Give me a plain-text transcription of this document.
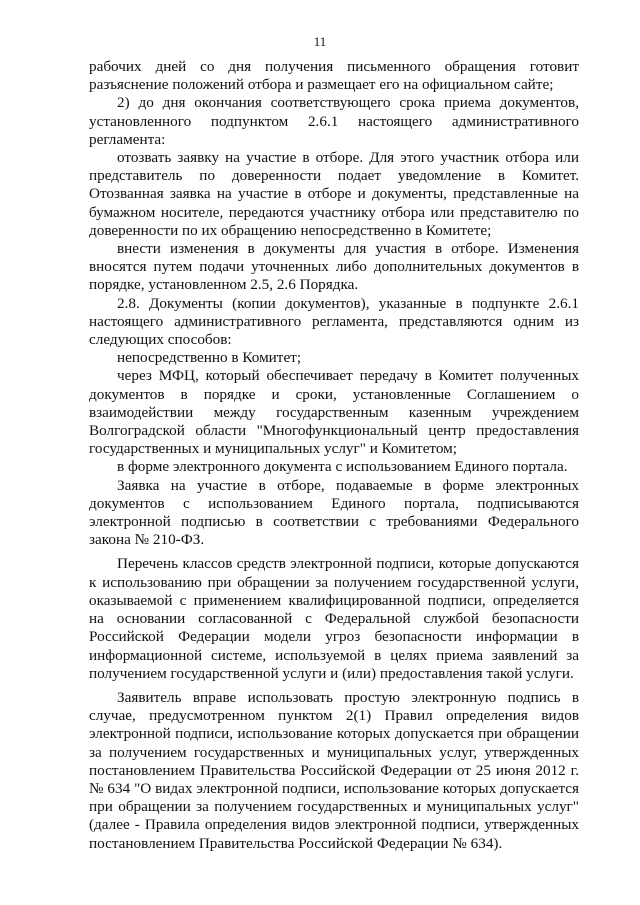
11

рабочих дней со дня получения письменного обращения готовит разъяснение положений отбора и размещает его на официальном сайте;

2) до дня окончания соответствующего срока приема документов, установленного подпунктом 2.6.1 настоящего административного регламента:

отозвать заявку на участие в отборе. Для этого участник отбора или представитель по доверенности подает уведомление в Комитет. Отозванная заявка на участие в отборе и документы, представленные на бумажном носителе, передаются участнику отбора или представителю по доверенности по их обращению непосредственно в Комитете;

внести изменения в документы для участия в отборе. Изменения вносятся путем подачи уточненных либо дополнительных документов в порядке, установленном 2.5, 2.6 Порядка.

2.8. Документы (копии документов), указанные в подпункте 2.6.1 настоящего административного регламента, представляются одним из следующих способов:

непосредственно в Комитет;

через МФЦ, который обеспечивает передачу в Комитет полученных документов в порядке и сроки, установленные Соглашением о взаимодействии между государственным казенным учреждением Волгоградской области "Многофункциональный центр предоставления государственных и муниципальных услуг" и Комитетом;

в форме электронного документа с использованием Единого портала.

Заявка на участие в отборе, подаваемые в форме электронных документов с использованием Единого портала, подписываются электронной подписью в соответствии с требованиями Федерального закона № 210-ФЗ.

Перечень классов средств электронной подписи, которые допускаются к использованию при обращении за получением государственной услуги, оказываемой с применением квалифицированной подписи, определяется на основании согласованной с Федеральной службой безопасности Российской Федерации модели угроз безопасности информации в информационной системе, используемой в целях приема заявлений за получением государственной услуги и (или) предоставления такой услуги.

Заявитель вправе использовать простую электронную подпись в случае, предусмотренном пунктом 2(1) Правил определения видов электронной подписи, использование которых допускается при обращении за получением государственных и муниципальных услуг, утвержденных постановлением Правительства Российской Федерации от 25 июня 2012 г. № 634 "О видах электронной подписи, использование которых допускается при обращении за получением государственных и муниципальных услуг" (далее - Правила определения видов электронной подписи, утвержденных постановлением Правительства Российской Федерации № 634).
